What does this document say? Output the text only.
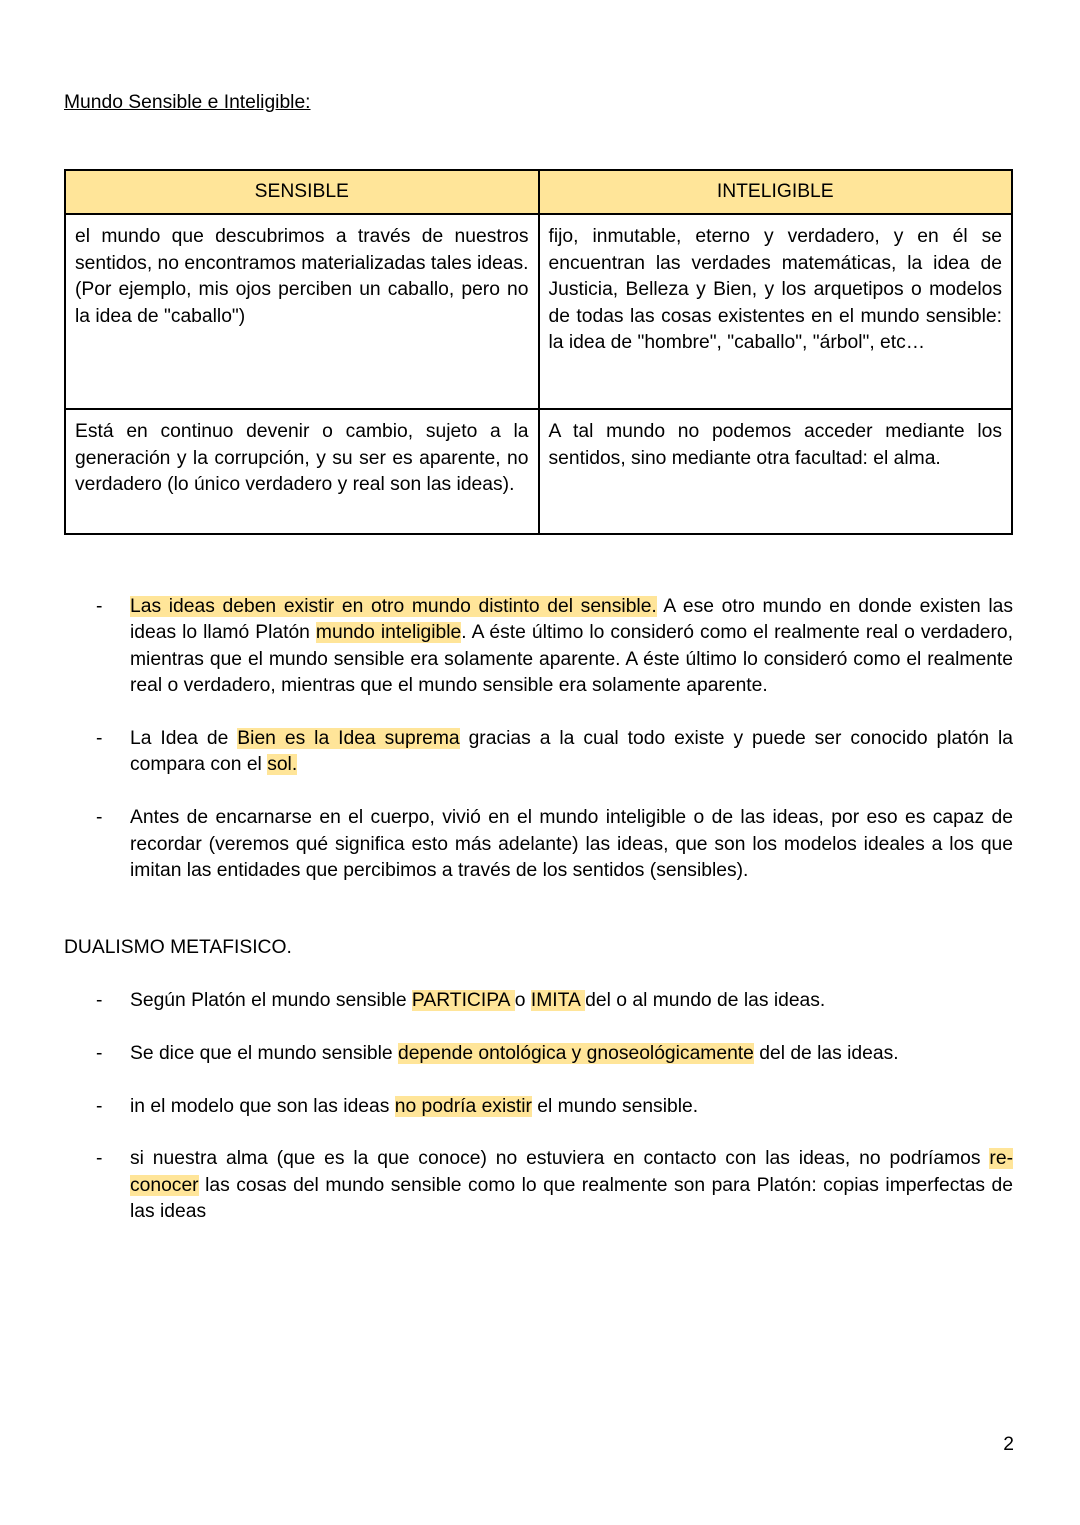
Mundo Sensible e Inteligible:
SENSIBLE	INTELIGIBLE
el mundo que descubrimos a través de nuestros sentidos, no encontramos materializadas tales ideas. (Por ejemplo, mis ojos perciben un caballo, pero no la idea de "caballo")	fijo, inmutable, eterno y verdadero, y en él se encuentran las verdades matemáticas, la idea de Justicia, Belleza y Bien, y los arquetipos o modelos de todas las cosas existentes en el mundo sensible: la idea de "hombre", "caballo", "árbol", etc…
Está en continuo devenir o cambio, sujeto a la generación y la corrupción, y su ser es aparente, no verdadero (lo único verdadero y real son las ideas).	A tal mundo no podemos acceder mediante los sentidos, sino mediante otra facultad: el alma.
- Las ideas deben existir en otro mundo distinto del sensible. A ese otro mundo en donde existen las ideas lo llamó Platón mundo inteligible. A éste último lo consideró como el realmente real o verdadero, mientras que el mundo sensible era solamente aparente. A éste último lo consideró como el realmente real o verdadero, mientras que el mundo sensible era solamente aparente.
- La Idea de Bien es la Idea suprema gracias a la cual todo existe y puede ser conocido platón la compara con el sol.
- Antes de encarnarse en el cuerpo, vivió en el mundo inteligible o de las ideas, por eso es capaz de recordar (veremos qué significa esto más adelante) las ideas, que son los modelos ideales a los que imitan las entidades que percibimos a través de los sentidos (sensibles).
DUALISMO METAFISICO.
- Según Platón el mundo sensible PARTICIPA o IMITA del o al mundo de las ideas.
- Se dice que el mundo sensible depende ontológica y gnoseológicamente del de las ideas.
- in el modelo que son las ideas no podría existir el mundo sensible.
- si nuestra alma (que es la que conoce) no estuviera en contacto con las ideas, no podríamos re-conocer las cosas del mundo sensible como lo que realmente son para Platón: copias imperfectas de las ideas
2
